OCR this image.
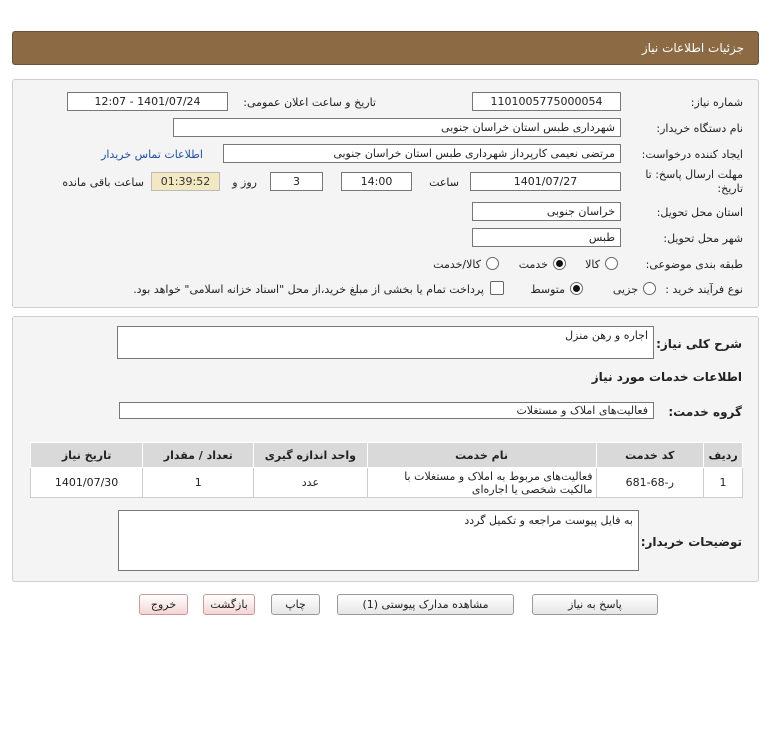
جزئیات اطلاعات نیاز
شماره نیاز:
1101005775000054
تاریخ و ساعت اعلان عمومی:
1401/07/24 - 12:07
نام دستگاه خریدار:
شهرداری طبس استان خراسان جنوبی
ایجاد کننده درخواست:
مرتضی نعیمی کارپرداز شهرداری طبس استان خراسان جنوبی
اطلاعات تماس خریدار
مهلت ارسال پاسخ: تا تاریخ:
1401/07/27
ساعت
14:00
3
روز و
01:39:52
ساعت باقی مانده
استان محل تحویل:
خراسان جنوبی
شهر محل تحویل:
طبس
طبقه بندی موضوعی:
کالا
خدمت
کالا/خدمت
نوع فرآیند خرید :
جزیی
متوسط
پرداخت تمام یا بخشی از مبلغ خرید،از محل "اسناد خزانه اسلامی" خواهد بود.
شرح کلی نیاز:
اجاره و رهن منزل
اطلاعات خدمات مورد نیاز
گروه خدمت:
فعالیت‌های املاک و مستغلات
ردیف	کد خدمت	نام خدمت	واحد اندازه گیری	تعداد / مقدار	تاریخ نیاز
1	ر-68-681	فعالیت‌های مربوط به املاک و مستغلات با مالکیت شخصی یا اجاره‌ای	عدد	1	1401/07/30
توضیحات خریدار:
به فایل پیوست مراجعه و تکمیل گردد
پاسخ به نیاز
مشاهده مدارک پیوستی (1)
چاپ
بازگشت
خروج
